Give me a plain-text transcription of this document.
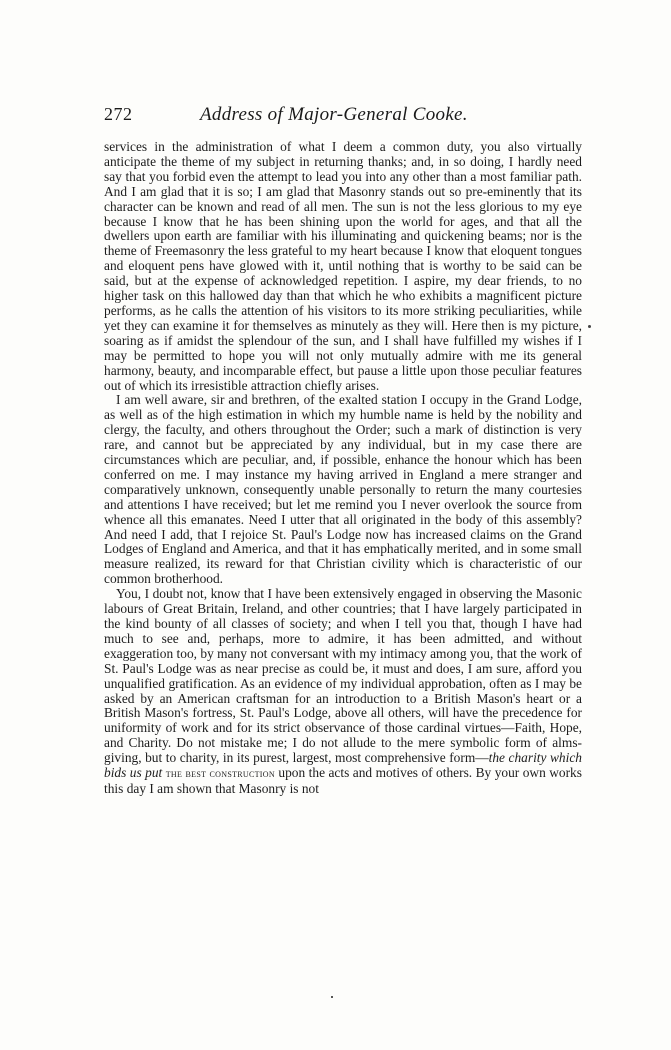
272	Address of Major-General Cooke.

services in the administration of what I deem a common duty, you also virtually anticipate the theme of my subject in returning thanks; and, in so doing, I hardly need say that you forbid even the attempt to lead you into any other than a most familiar path. And I am glad that it is so; I am glad that Masonry stands out so pre-eminently that its character can be known and read of all men. The sun is not the less glorious to my eye because I know that he has been shining upon the world for ages, and that all the dwellers upon earth are familiar with his illuminating and quickening beams; nor is the theme of Freemasonry the less grateful to my heart because I know that eloquent tongues and eloquent pens have glowed with it, until nothing that is worthy to be said can be said, but at the expense of acknowledged repetition. I aspire, my dear friends, to no higher task on this hallowed day than that which he who exhibits a magnificent picture performs, as he calls the attention of his visitors to its more striking peculiarities, while yet they can examine it for themselves as minutely as they will. Here then is my picture, soaring as if amidst the splendour of the sun, and I shall have fulfilled my wishes if I may be permitted to hope you will not only mutually admire with me its general harmony, beauty, and incomparable effect, but pause a little upon those peculiar features out of which its irresistible attraction chiefly arises.

I am well aware, sir and brethren, of the exalted station I occupy in the Grand Lodge, as well as of the high estimation in which my humble name is held by the nobility and clergy, the faculty, and others throughout the Order; such a mark of distinction is very rare, and cannot but be appreciated by any individual, but in my case there are circumstances which are peculiar, and, if possible, enhance the honour which has been conferred on me. I may instance my having arrived in England a mere stranger and comparatively unknown, consequently unable personally to return the many courtesies and attentions I have received; but let me remind you I never overlook the source from whence all this emanates. Need I utter that all originated in the body of this assembly? And need I add, that I rejoice St. Paul's Lodge now has increased claims on the Grand Lodges of England and America, and that it has emphatically merited, and in some small measure realized, its reward for that Christian civility which is characteristic of our common brotherhood.

You, I doubt not, know that I have been extensively engaged in observing the Masonic labours of Great Britain, Ireland, and other countries; that I have largely participated in the kind bounty of all classes of society; and when I tell you that, though I have had much to see and, perhaps, more to admire, it has been admitted, and without exaggeration too, by many not conversant with my intimacy among you, that the work of St. Paul's Lodge was as near precise as could be, it must and does, I am sure, afford you unqualified gratification. As an evidence of my individual approbation, often as I may be asked by an American craftsman for an introduction to a British Mason's heart or a British Mason's fortress, St. Paul's Lodge, above all others, will have the precedence for uniformity of work and for its strict observance of those cardinal virtues—Faith, Hope, and Charity. Do not mistake me; I do not allude to the mere symbolic form of alms-giving, but to charity, in its purest, largest, most comprehensive form—the charity which bids us put the best construction upon the acts and motives of others. By your own works this day I am shown that Masonry is not
